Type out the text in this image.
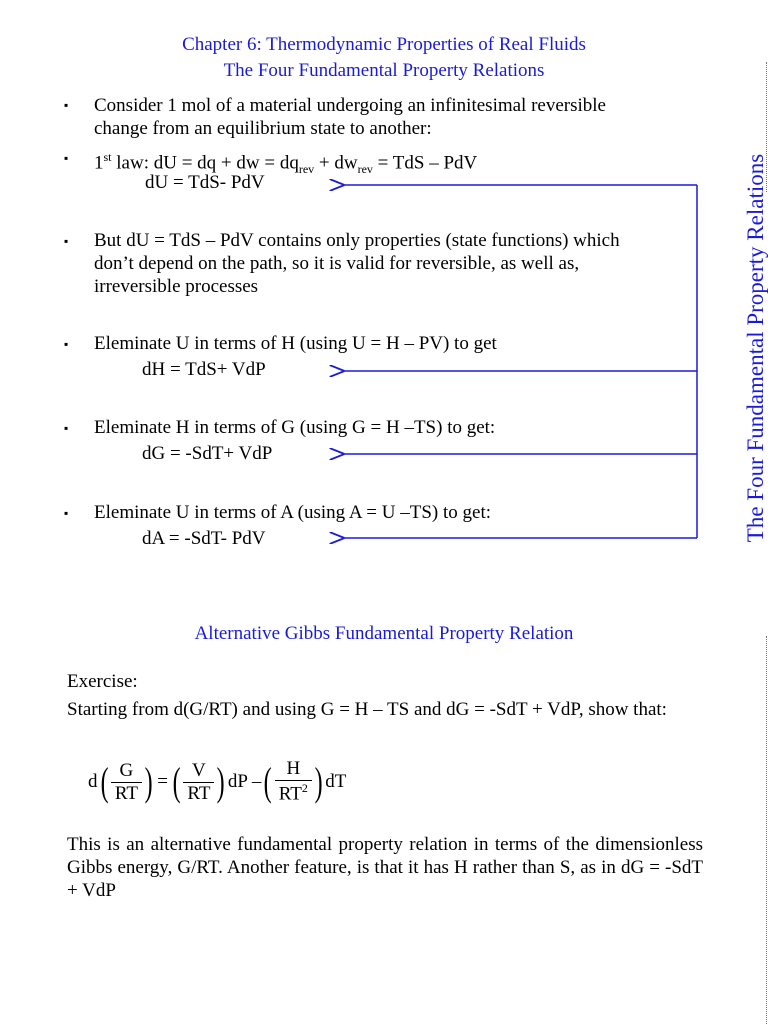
Chapter 6: Thermodynamic Properties of Real Fluids
The Four Fundamental Property Relations
The Four Fundamental Property Relations
▪ Consider 1 mol of a material undergoing an infinitesimal reversible
change from an equilibrium state to another:
▪ 1st law: dU = dq + dw = $dq_{rev} + dw_{rev}$ = TdS – PdV
dU = TdS- PdV
▪ But dU = TdS – PdV contains only properties (state functions) which
don’t depend on the path, so it is valid for reversible, as well as,
irreversible processes
▪ Eleminate U in terms of H (using U = H – PV) to get
dH = TdS+ VdP
▪ Eleminate H in terms of G (using G = H –TS) to get:
dG = -SdT+ VdP
▪ Eleminate U in terms of A (using A = U –TS) to get:
dA = -SdT- PdV
Alternative Gibbs Fundamental Property Relation
Exercise:
Starting from d(G/RT) and using G = H – TS and dG = -SdT + VdP, show that:
d ( $\frac{G}{RT}$ ) = ( $\frac{V}{RT}$ ) dP – ( $\frac{H}{RT^2}$ ) dT
This is an alternative fundamental property relation in terms of the dimensionless Gibbs energy, G/RT. Another feature, is that it has H rather than S, as in dG = -SdT + VdP
